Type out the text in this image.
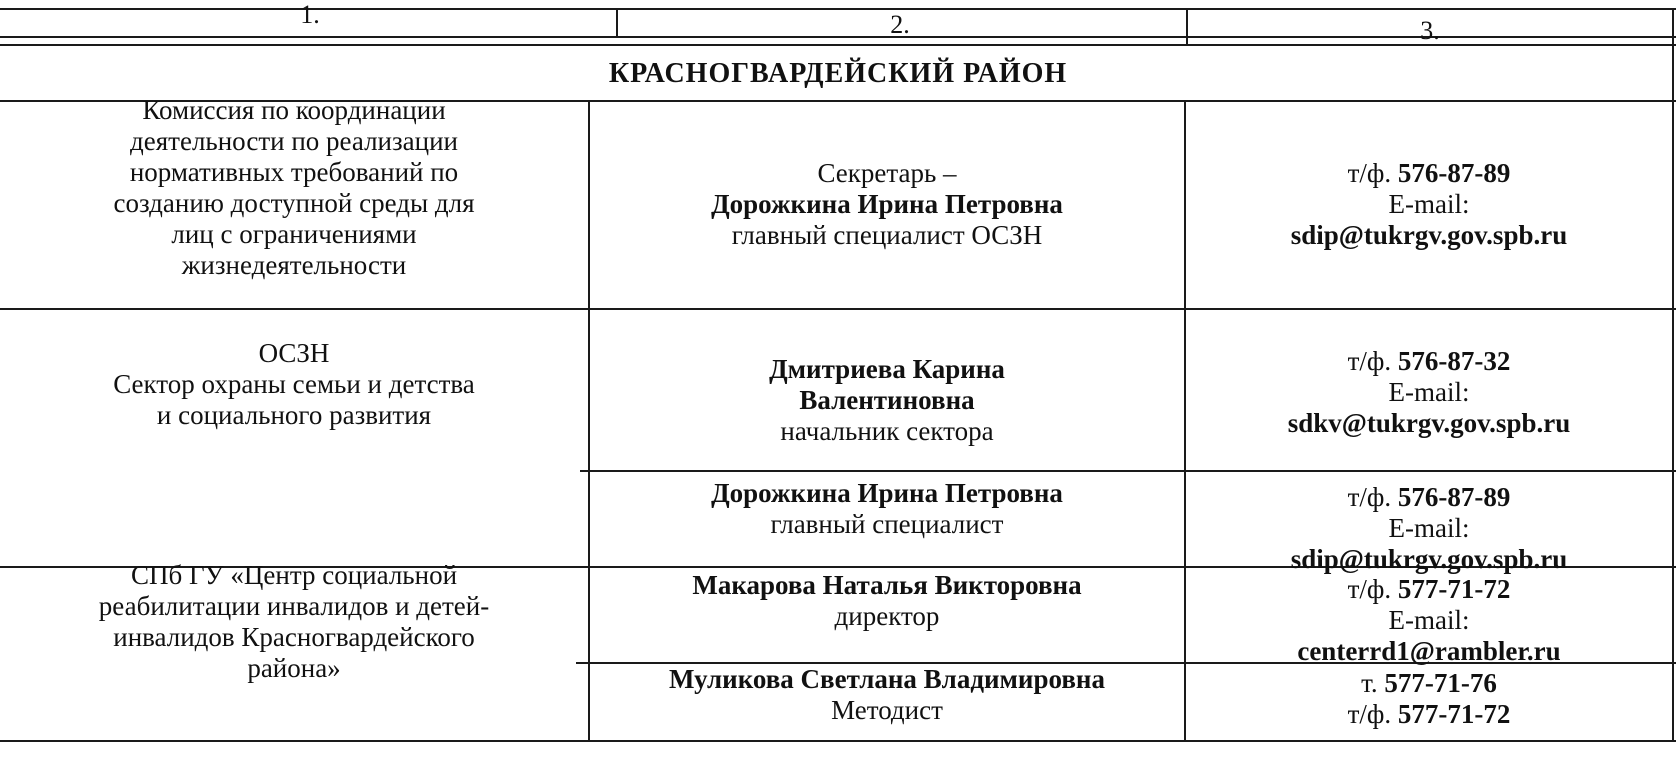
1.	2.	3.
КРАСНОГВАРДЕЙСКИЙ РАЙОН
Комиссия по координации
деятельности по реализации
нормативных требований по
созданию доступной среды для
лиц с ограничениями
жизнедеятельности
Секретарь –
Дорожкина Ирина Петровна
главный специалист ОСЗН
т/ф. 576-87-89
E-mail:
sdip@tukrgv.gov.spb.ru
ОСЗН
Сектор охраны семьи и детства
и социального развития
Дмитриева Карина
Валентиновна
начальник сектора
т/ф. 576-87-32
E-mail:
sdkv@tukrgv.gov.spb.ru
Дорожкина Ирина Петровна
главный специалист
т/ф. 576-87-89
E-mail:
sdip@tukrgv.gov.spb.ru
СПб ГУ «Центр социальной
реабилитации инвалидов и детей-
инвалидов Красногвардейского
района»
Макарова Наталья Викторовна
директор
т/ф. 577-71-72
E-mail:
centerrd1@rambler.ru
Муликова Светлана Владимировна
Методист
т. 577-71-76
т/ф. 577-71-72
